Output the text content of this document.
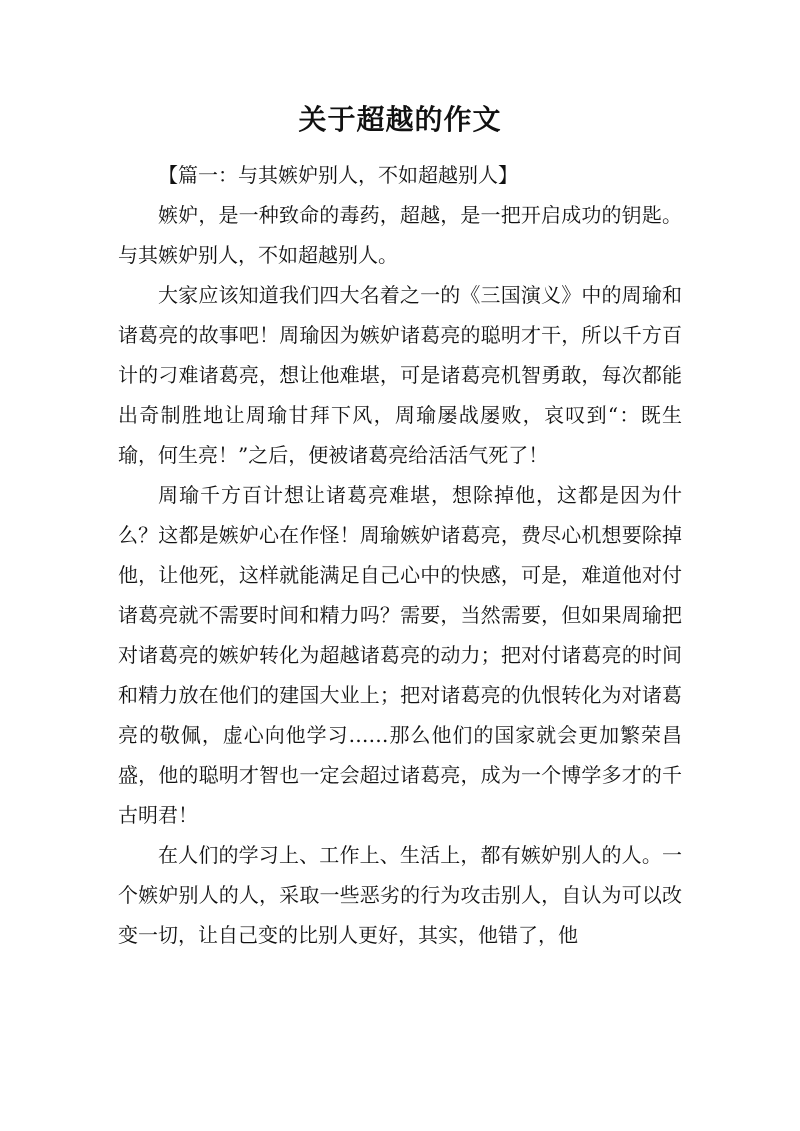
关于超越的作文

【篇一：与其嫉妒别人，不如超越别人】

嫉妒，是一种致命的毒药，超越，是一把开启成功的钥匙。与其嫉妒别人，不如超越别人。

大家应该知道我们四大名着之一的《三国演义》中的周瑜和诸葛亮的故事吧！周瑜因为嫉妒诸葛亮的聪明才干，所以千方百计的刁难诸葛亮，想让他难堪，可是诸葛亮机智勇敢，每次都能出奇制胜地让周瑜甘拜下风，周瑜屡战屡败，哀叹到“：既生瑜，何生亮！”之后，便被诸葛亮给活活气死了！

周瑜千方百计想让诸葛亮难堪，想除掉他，这都是因为什么？这都是嫉妒心在作怪！周瑜嫉妒诸葛亮，费尽心机想要除掉他，让他死，这样就能满足自己心中的快感，可是，难道他对付诸葛亮就不需要时间和精力吗？需要，当然需要，但如果周瑜把对诸葛亮的嫉妒转化为超越诸葛亮的动力；把对付诸葛亮的时间和精力放在他们的建国大业上；把对诸葛亮的仇恨转化为对诸葛亮的敬佩，虚心向他学习……那么他们的国家就会更加繁荣昌盛，他的聪明才智也一定会超过诸葛亮，成为一个博学多才的千古明君！

在人们的学习上、工作上、生活上，都有嫉妒别人的人。一个嫉妒别人的人，采取一些恶劣的行为攻击别人，自认为可以改变一切，让自己变的比别人更好，其实，他错了，他
